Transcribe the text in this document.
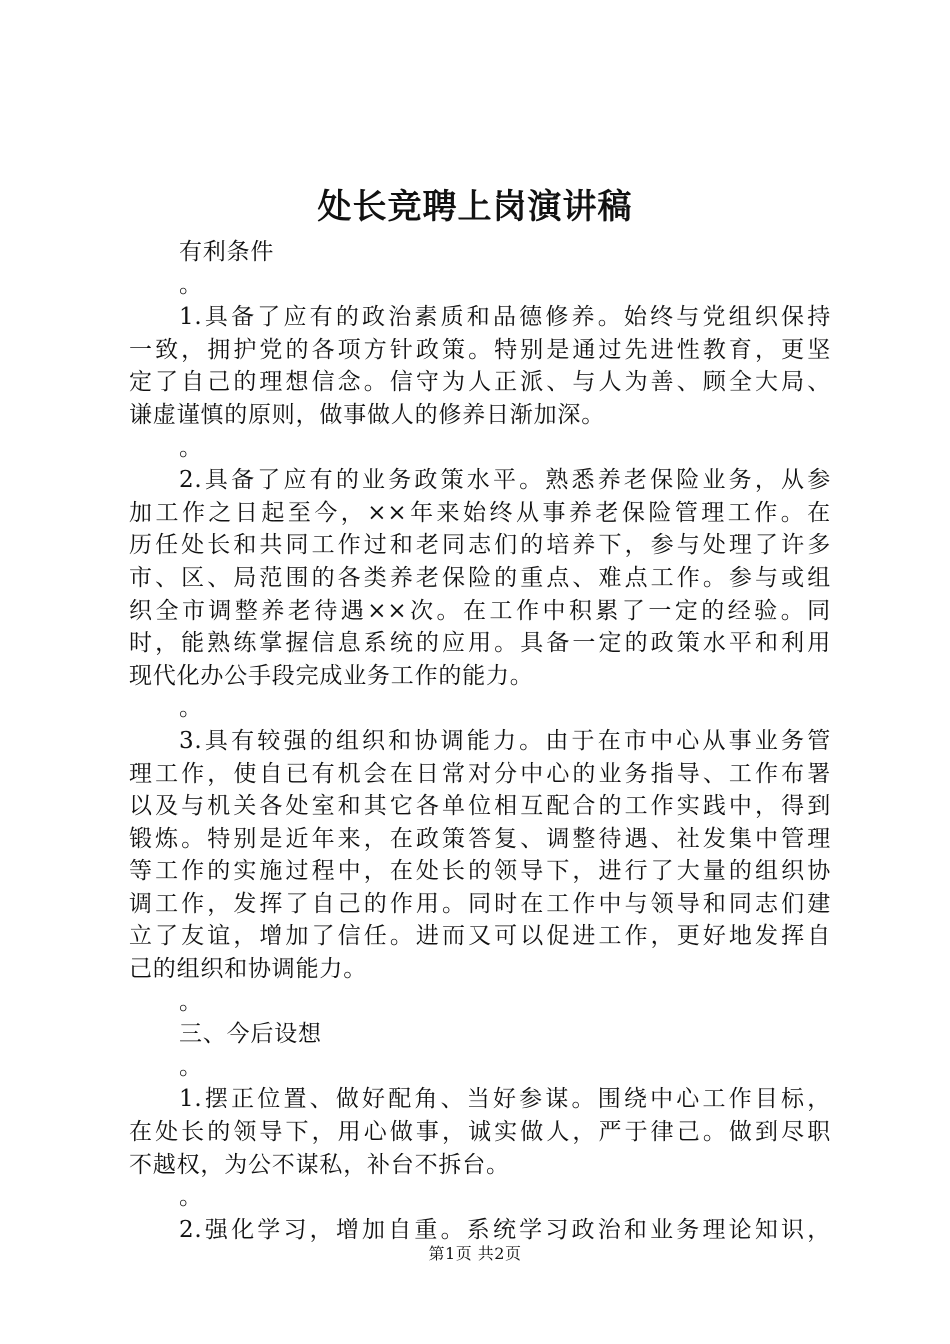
处长竞聘上岗演讲稿
有利条件
。
1.具备了应有的政治素质和品德修养。始终与党组织保持
一致，拥护党的各项方针政策。特别是通过先进性教育，更坚
定了自己的理想信念。信守为人正派、与人为善、顾全大局、
谦虚谨慎的原则，做事做人的修养日渐加深。
。
2.具备了应有的业务政策水平。熟悉养老保险业务，从参
加工作之日起至今，××年来始终从事养老保险管理工作。在
历任处长和共同工作过和老同志们的培养下，参与处理了许多
市、区、局范围的各类养老保险的重点、难点工作。参与或组
织全市调整养老待遇××次。在工作中积累了一定的经验。同
时，能熟练掌握信息系统的应用。具备一定的政策水平和利用
现代化办公手段完成业务工作的能力。
。
3.具有较强的组织和协调能力。由于在市中心从事业务管
理工作，使自已有机会在日常对分中心的业务指导、工作布署
以及与机关各处室和其它各单位相互配合的工作实践中，得到
锻炼。特别是近年来，在政策答复、调整待遇、社发集中管理
等工作的实施过程中，在处长的领导下，进行了大量的组织协
调工作，发挥了自己的作用。同时在工作中与领导和同志们建
立了友谊，增加了信任。进而又可以促进工作，更好地发挥自
己的组织和协调能力。
。
三、今后设想
。
1.摆正位置、做好配角、当好参谋。围绕中心工作目标，
在处长的领导下，用心做事，诚实做人，严于律己。做到尽职
不越权，为公不谋私，补台不拆台。
。
2.强化学习，增加自重。系统学习政治和业务理论知识，
第1页 共2页
